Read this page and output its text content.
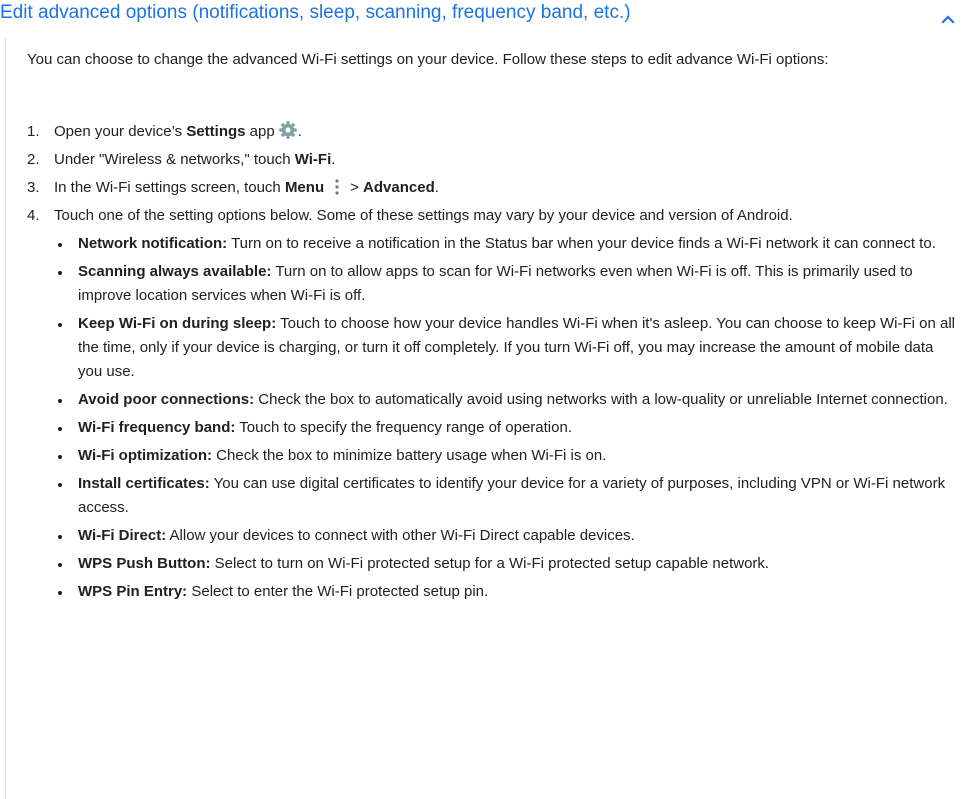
Edit advanced options (notifications, sleep, scanning, frequency band, etc.)

You can choose to change the advanced Wi-Fi settings on your device. Follow these steps to edit advance Wi-Fi options:

1. Open your device’s Settings app .
2. Under "Wireless & networks," touch Wi-Fi.
3. In the Wi-Fi settings screen, touch Menu > Advanced.
4. Touch one of the setting options below. Some of these settings may vary by your device and version of Android.
Network notification: Turn on to receive a notification in the Status bar when your device finds a Wi-Fi network it can connect to.
Scanning always available: Turn on to allow apps to scan for Wi-Fi networks even when Wi-Fi is off. This is primarily used to improve location services when Wi-Fi is off.
Keep Wi-Fi on during sleep: Touch to choose how your device handles Wi-Fi when it's asleep. You can choose to keep Wi-Fi on all the time, only if your device is charging, or turn it off completely. If you turn Wi-Fi off, you may increase the amount of mobile data you use.
Avoid poor connections: Check the box to automatically avoid using networks with a low-quality or unreliable Internet connection.
Wi-Fi frequency band: Touch to specify the frequency range of operation.
Wi-Fi optimization: Check the box to minimize battery usage when Wi-Fi is on.
Install certificates: You can use digital certificates to identify your device for a variety of purposes, including VPN or Wi-Fi network access.
Wi-Fi Direct: Allow your devices to connect with other Wi-Fi Direct capable devices.
WPS Push Button: Select to turn on Wi-Fi protected setup for a Wi-Fi protected setup capable network.
WPS Pin Entry: Select to enter the Wi-Fi protected setup pin.
